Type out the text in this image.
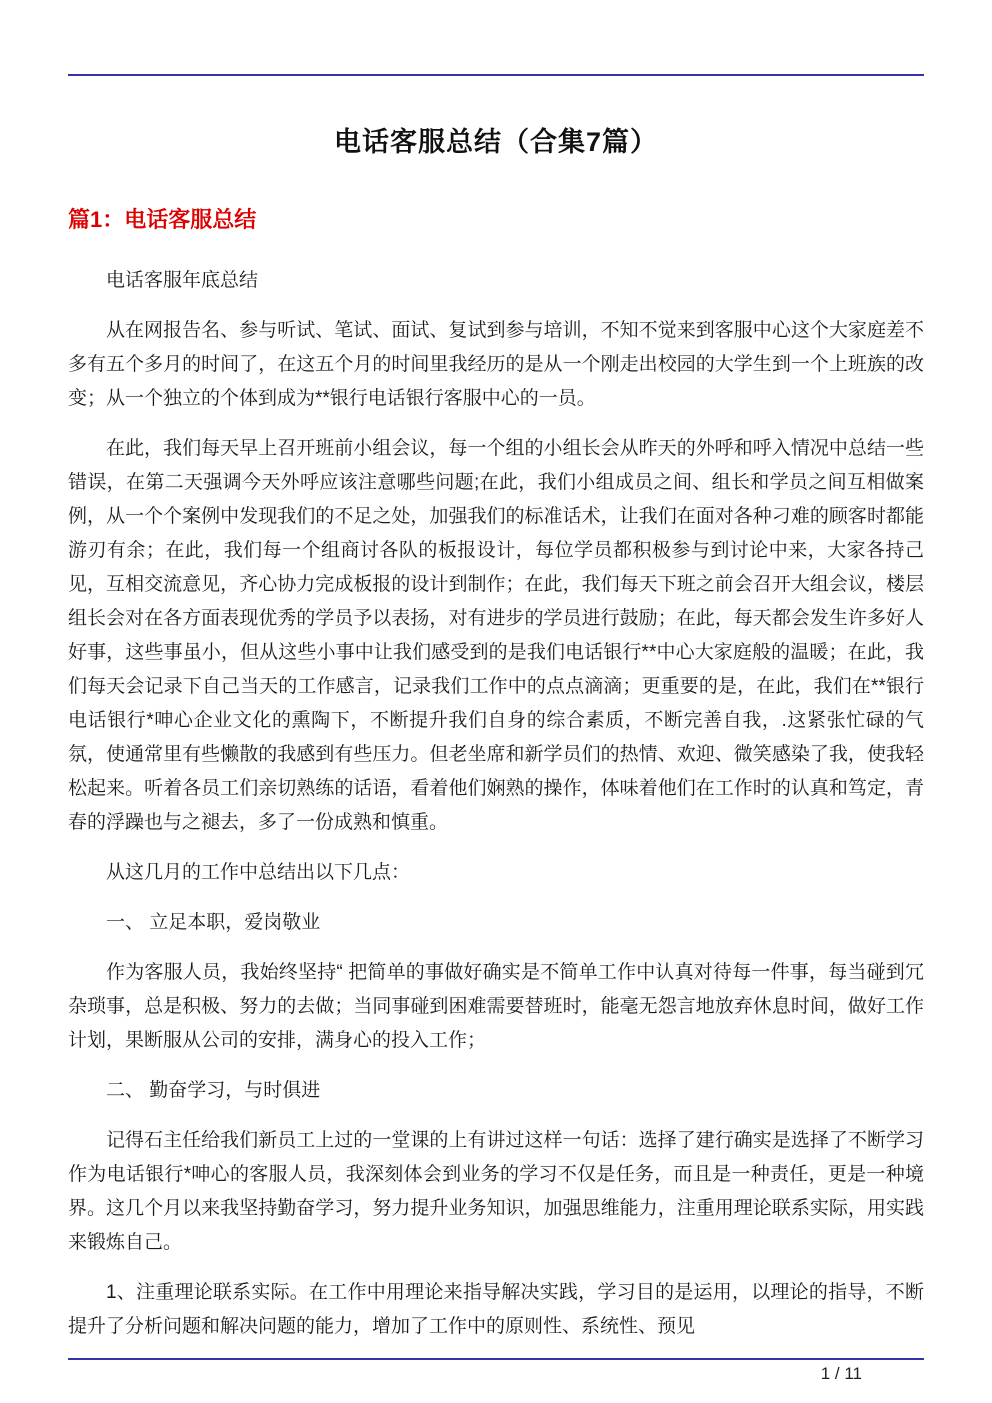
电话客服总结（合集7篇）
篇1：电话客服总结

电话客服年底总结

从在网报告名、参与听试、笔试、面试、复试到参与培训，不知不觉来到客服中心这个大家庭差不多有五个多月的时间了，在这五个月的时间里我经历的是从一个刚走出校园的大学生到一个上班族的改变；从一个独立的个体到成为**银行电话银行客服中心的一员。

在此，我们每天早上召开班前小组会议，每一个组的小组长会从昨天的外呼和呼入情况中总结一些错误，在第二天强调今天外呼应该注意哪些问题;在此，我们小组成员之间、组长和学员之间互相做案例，从一个个案例中发现我们的不足之处，加强我们的标准话术，让我们在面对各种刁难的顾客时都能游刃有余；在此，我们每一个组商讨各队的板报设计，每位学员都积极参与到讨论中来，大家各持己见，互相交流意见，齐心协力完成板报的设计到制作；在此，我们每天下班之前会召开大组会议，楼层组长会对在各方面表现优秀的学员予以表扬，对有进步的学员进行鼓励；在此，每天都会发生许多好人好事，这些事虽小，但从这些小事中让我们感受到的是我们电话银行**中心大家庭般的温暖；在此，我们每天会记录下自己当天的工作感言，记录我们工作中的点点滴滴；更重要的是，在此，我们在**银行电话银行*呻心企业文化的熏陶下，不断提升我们自身的综合素质，不断完善自我，.这紧张忙碌的气氛，使通常里有些懒散的我感到有些压力。但老坐席和新学员们的热情、欢迎、微笑感染了我，使我轻松起来。听着各员工们亲切熟练的话语，看着他们娴熟的操作，体味着他们在工作时的认真和笃定，青春的浮躁也与之褪去，多了一份成熟和慎重。

从这几月的工作中总结出以下几点：

一、 立足本职，爱岗敬业

作为客服人员，我始终坚持“ 把简单的事做好确实是不简单工作中认真对待每一件事，每当碰到冗杂琐事，总是积极、努力的去做；当同事碰到困难需要替班时，能毫无怨言地放弃休息时间，做好工作计划，果断服从公司的安排，满身心的投入工作；

二、 勤奋学习，与时俱进

记得石主任给我们新员工上过的一堂课的上有讲过这样一句话：选择了建行确实是选择了不断学习作为电话银行*呻心的客服人员，我深刻体会到业务的学习不仅是任务，而且是一种责任，更是一种境界。这几个月以来我坚持勤奋学习，努力提升业务知识，加强思维能力，注重用理论联系实际，用实践来锻炼自己。

1、注重理论联系实际。在工作中用理论来指导解决实践，学习目的是运用，以理论的指导，不断提升了分析问题和解决问题的能力，增加了工作中的原则性、系统性、预见

1 / 11
